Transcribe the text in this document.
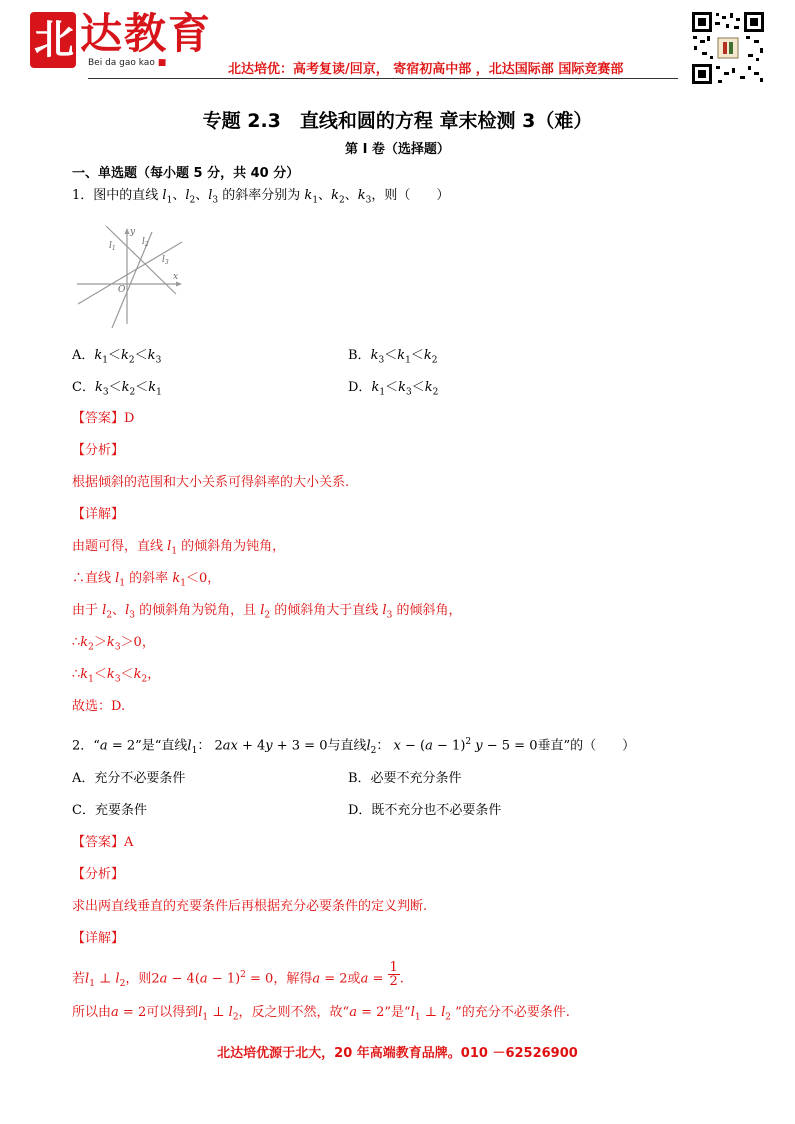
北 达教育
Bei da gao kao ■	北达培优：高考复读/回京， 寄宿初高中部 ，北达国际部 国际竞赛部
专题 2.3　直线和圆的方程 章末检测 3（难）
第 I 卷（选择题）
一、单选题（每小题 5 分，共 40 分）
1．图中的直线 $l_1$、$l_2$、$l_3$ 的斜率分别为 $k_1$、$k_2$、$k_3$，则（　　）
y
x
O
$l_1$
$l_2$
$l_3$
A．$k_1<k_2<k_3$	B．$k_3<k_1<k_2$
C．$k_3<k_2<k_1$	D．$k_1<k_3<k_2$
【答案】D
【分析】
根据倾斜的范围和大小关系可得斜率的大小关系.
【详解】
由题可得，直线 $l_1$ 的倾斜角为钝角，
∴直线 $l_1$ 的斜率 $k_1<0$，
由于 $l_2$、$l_3$ 的倾斜角为锐角，且 $l_2$ 的倾斜角大于直线 $l_3$ 的倾斜角，
$\therefore k_2>k_3>0$，
$\therefore k_1<k_3<k_2$，
故选：D.
2．“a = 2”是“直线$l_1$： 2ax + 4y + 3 = 0与直线$l_2$： $x - (a - 1)^2$ y − 5 = 0垂直”的（　　）
A．充分不必要条件	B．必要不充分条件
C．充要条件	D．既不充分也不必要条件
【答案】A
【分析】
求出两直线垂直的充要条件后再根据充分必要条件的定义判断.
【详解】
若$l_1$ ⊥ $l_2$，则$2a - 4(a - 1)^2 = 0$，解得a = 2或$a = \frac{1}{2}$ .
所以由a = 2可以得到$l_1$ ⊥ $l_2$，反之则不然，故“a = 2”是“$l_1$ ⊥ $l_2$ ”的充分不必要条件.
北达培优源于北大，20 年高端教育品牌。010 －62526900
